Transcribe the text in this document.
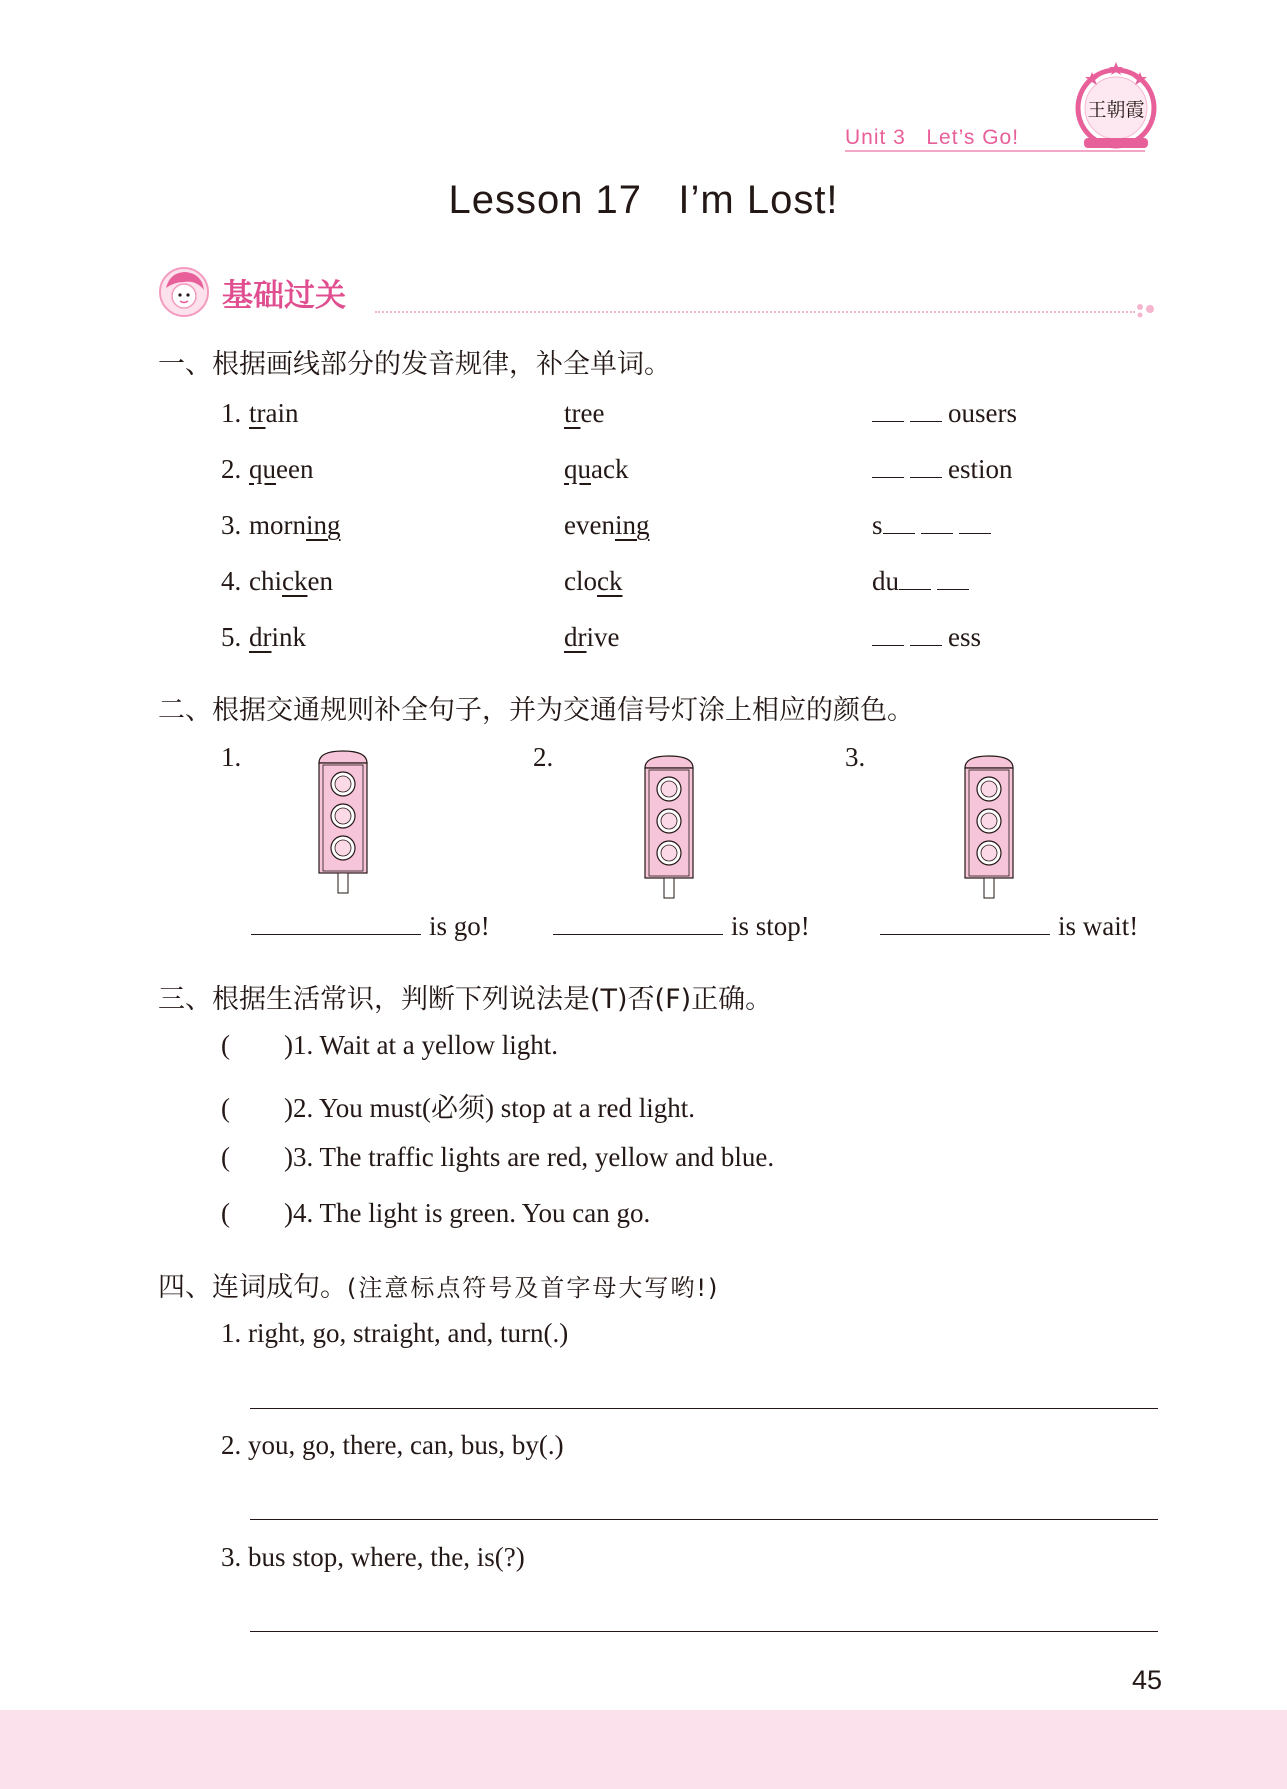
Unit 3 Let’s Go!
王朝霞
Lesson 17 I’m Lost!
基础过关
一、根据画线部分的发音规律，补全单词。
1. train	tree	ousers
2. queen	quack	estion
3. morning	evening	s
4. chicken	clock	du
5. drink	drive	ess
二、根据交通规则补全句子，并为交通信号灯涂上相应的颜色。
1.	2.	3.
is go!	is stop!	is wait!
三、根据生活常识，判断下列说法是(T)否(F)正确。
(        )1. Wait at a yellow light.
(        )2. You must(必须) stop at a red light.
(        )3. The traffic lights are red, yellow and blue.
(        )4. The light is green. You can go.
四、连词成句。(注意标点符号及首字母大写哟!)
1. right, go, straight, and, turn(.)
2. you, go, there, can, bus, by(.)
3. bus stop, where, the, is(?)
45
